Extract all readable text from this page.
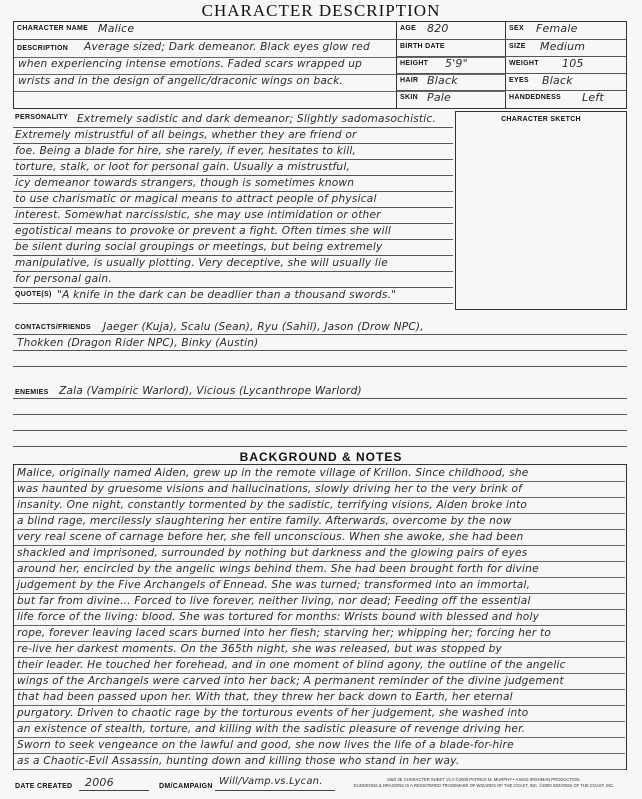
CHARACTER DESCRIPTION
CHARACTER NAME Malice
DESCRIPTION Average sized; Dark demeanor. Black eyes glow red
when experiencing intense emotions. Faded scars wrapped up
wrists and in the design of angelic/draconic wings on back.
AGE 820	SEX Female
BIRTH DATE	SIZE Medium
HEIGHT 5'9"	WEIGHT 105
HAIR Black	EYES Black
SKIN Pale	HANDEDNESS Left
PERSONALITY Extremely sadistic and dark demeanor; Slightly sadomasochistic.
Extremely mistrustful of all beings, whether they are friend or
foe. Being a blade for hire, she rarely, if ever, hesitates to kill,
torture, stalk, or loot for personal gain. Usually a mistrustful,
icy demeanor towards strangers, though is sometimes known
to use charismatic or magical means to attract people of physical
interest. Somewhat narcissistic, she may use intimidation or other
egotistical means to provoke or prevent a fight. Often times she will
be silent during social groupings or meetings, but being extremely
manipulative, is usually plotting. Very deceptive, she will usually lie
for personal gain.
QUOTE(S) "A knife in the dark can be deadlier than a thousand swords."
CHARACTER SKETCH
CONTACTS/FRIENDS Jaeger (Kuja), Scalu (Sean), Ryu (Sahil), Jason (Drow NPC),
Thokken (Dragon Rider NPC), Binky (Austin)
ENEMIES Zala (Vampiric Warlord), Vicious (Lycanthrope Warlord)
BACKGROUND & NOTES
Malice, originally named Aiden, grew up in the remote village of Krillon. Since childhood, she
was haunted by gruesome visions and hallucinations, slowly driving her to the very brink of
insanity. One night, constantly tormented by the sadistic, terrifying visions, Aiden broke into
a blind rage, mercilessly slaughtering her entire family. Afterwards, overcome by the now
very real scene of carnage before her, she fell unconscious. When she awoke, she had been
shackled and imprisoned, surrounded by nothing but darkness and the glowing pairs of eyes
around her, encircled by the angelic wings behind them. She had been brought forth for divine
judgement by the Five Archangels of Ennead. She was turned; transformed into an immortal,
but far from divine... Forced to live forever, neither living, nor dead; Feeding off the essential
life force of the living: blood. She was tortured for months: Wrists bound with blessed and holy
rope, forever leaving laced scars burned into her flesh; starving her; whipping her; forcing her to
re-live her darkest moments. On the 365th night, she was released, but was stopped by
their leader. He touched her forehead, and in one moment of blind agony, the outline of the angelic
wings of the Archangels were carved into her back; A permanent reminder of the divine judgement
that had been passed upon her. With that, they threw her back down to Earth, her eternal
purgatory. Driven to chaotic rage by the torturous events of her judgement, she washed into
an existence of stealth, torture, and killing with the sadistic pleasure of revenge driving her.
Sworn to seek vengeance on the lawful and good, she now lives the life of a blade-for-hire
as a Chaotic-Evil Assassin, hunting down and killing those who stand in her way.
DATE CREATED 2006	DM/CAMPAIGN Will/Vamp.vs.Lycan.	D&D 3E CHARACTER SHEET V1.0 ©2009 PATRICK M. MURPHY • A MAD IRISHMAN PRODUCTION.
DUNGEONS & DRAGONS IS A REGISTERED TRADEMARK OF WIZARDS OF THE COAST, INC. ©2000 WIZARDS OF THE COAST, INC.
